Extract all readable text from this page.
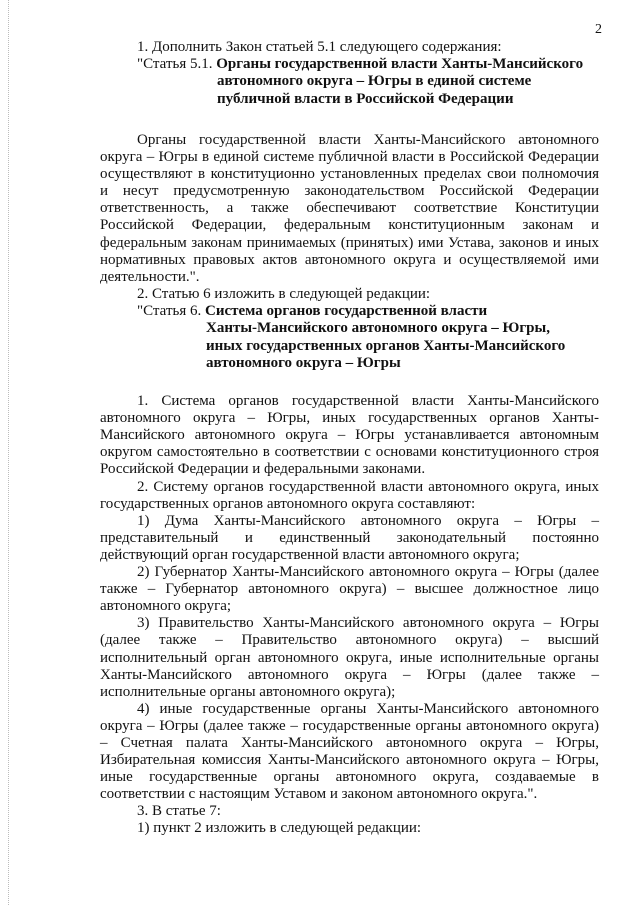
2

1. Дополнить Закон статьей 5.1 следующего содержания:

"Статья 5.1. Органы государственной власти Ханты-Мансийского

автономного округа – Югры в единой системе

публичной власти в Российской Федерации

Органы государственной власти Ханты-Мансийского автономного округа – Югры в единой системе публичной власти в Российской Федерации осуществляют в конституционно установленных пределах свои полномочия и несут предусмотренную законодательством Российской Федерации ответственность, а также обеспечивают соответствие Конституции Российской Федерации, федеральным конституционным законам и федеральным законам принимаемых (принятых) ими Устава, законов и иных нормативных правовых актов автономного округа и осуществляемой ими деятельности.".

2. Статью 6 изложить в следующей редакции:

"Статья 6. Система органов государственной власти

Ханты-Мансийского автономного округа – Югры,

иных государственных органов Ханты-Мансийского

автономного округа – Югры

1. Система органов государственной власти Ханты-Мансийского автономного округа – Югры, иных государственных органов Ханты-Мансийского автономного округа – Югры устанавливается автономным округом самостоятельно в соответствии с основами конституционного строя Российской Федерации и федеральными законами.

2. Систему органов государственной власти автономного округа, иных государственных органов автономного округа составляют:

1) Дума Ханты-Мансийского автономного округа – Югры – представительный и единственный законодательный постоянно действующий орган государственной власти автономного округа;

2) Губернатор Ханты-Мансийского автономного округа – Югры (далее также – Губернатор автономного округа) – высшее должностное лицо автономного округа;

3) Правительство Ханты-Мансийского автономного округа – Югры (далее также – Правительство автономного округа) – высший исполнительный орган автономного округа, иные исполнительные органы Ханты-Мансийского автономного округа – Югры (далее также – исполнительные органы автономного округа);

4) иные государственные органы Ханты-Мансийского автономного округа – Югры (далее также – государственные органы автономного округа) – Счетная палата Ханты-Мансийского автономного округа – Югры, Избирательная комиссия Ханты-Мансийского автономного округа – Югры, иные государственные органы автономного округа, создаваемые в соответствии с настоящим Уставом и законом автономного округа.".

3. В статье 7:

1) пункт 2 изложить в следующей редакции:
